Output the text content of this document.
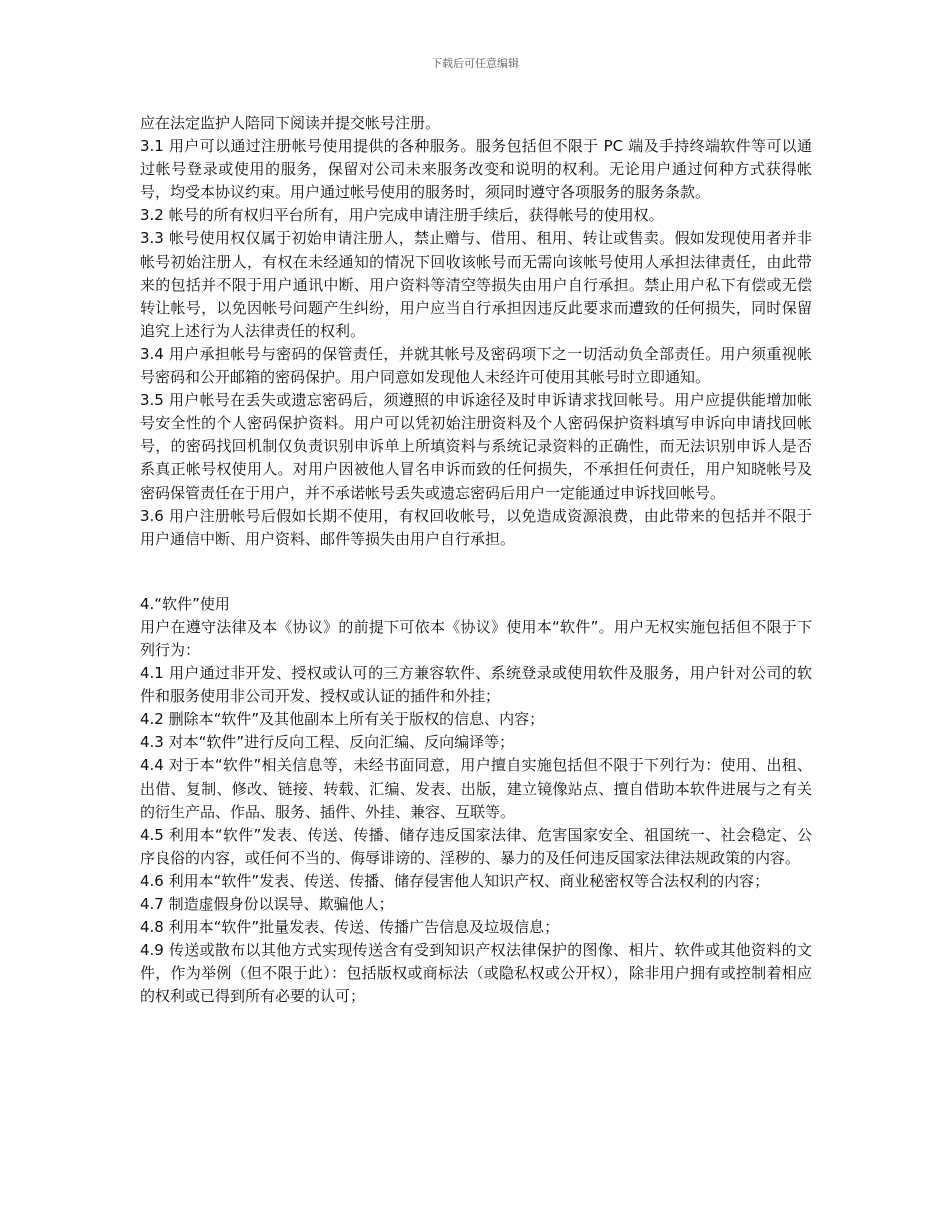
下载后可任意编辑

应在法定监护人陪同下阅读并提交帐号注册。

3.1 用户可以通过注册帐号使用提供的各种服务。服务包括但不限于 PC 端及手持终端软件等可以通过帐号登录或使用的服务，保留对公司未来服务改变和说明的权利。无论用户通过何种方式获得帐号，均受本协议约束。用户通过帐号使用的服务时，须同时遵守各项服务的服务条款。

3.2 帐号的所有权归平台所有，用户完成申请注册手续后，获得帐号的使用权。

3.3 帐号使用权仅属于初始申请注册人，禁止赠与、借用、租用、转让或售卖。假如发现使用者并非帐号初始注册人，有权在未经通知的情况下回收该帐号而无需向该帐号使用人承担法律责任，由此带来的包括并不限于用户通讯中断、用户资料等清空等损失由用户自行承担。禁止用户私下有偿或无偿转让帐号，以免因帐号问题产生纠纷，用户应当自行承担因违反此要求而遭致的任何损失，同时保留追究上述行为人法律责任的权利。

3.4 用户承担帐号与密码的保管责任，并就其帐号及密码项下之一切活动负全部责任。用户须重视帐号密码和公开邮箱的密码保护。用户同意如发现他人未经许可使用其帐号时立即通知。

3.5 用户帐号在丢失或遗忘密码后，须遵照的申诉途径及时申诉请求找回帐号。用户应提供能增加帐号安全性的个人密码保护资料。用户可以凭初始注册资料及个人密码保护资料填写申诉向申请找回帐号，的密码找回机制仅负责识别申诉单上所填资料与系统记录资料的正确性，而无法识别申诉人是否系真正帐号权使用人。对用户因被他人冒名申诉而致的任何损失，不承担任何责任，用户知晓帐号及密码保管责任在于用户，并不承诺帐号丢失或遗忘密码后用户一定能通过申诉找回帐号。

3.6 用户注册帐号后假如长期不使用，有权回收帐号，以免造成资源浪费，由此带来的包括并不限于用户通信中断、用户资料、邮件等损失由用户自行承担。

4.“软件”使用

用户在遵守法律及本《协议》的前提下可依本《协议》使用本“软件”。用户无权实施包括但不限于下列行为：

4.1 用户通过非开发、授权或认可的三方兼容软件、系统登录或使用软件及服务，用户针对公司的软件和服务使用非公司开发、授权或认证的插件和外挂；

4.2 删除本“软件”及其他副本上所有关于版权的信息、内容；

4.3 对本“软件”进行反向工程、反向汇编、反向编译等；

4.4 对于本“软件”相关信息等，未经书面同意，用户擅自实施包括但不限于下列行为：使用、出租、出借、复制、修改、链接、转载、汇编、发表、出版，建立镜像站点、擅自借助本软件进展与之有关的衍生产品、作品、服务、插件、外挂、兼容、互联等。

4.5 利用本“软件”发表、传送、传播、储存违反国家法律、危害国家安全、祖国统一、社会稳定、公序良俗的内容，或任何不当的、侮辱诽谤的、淫秽的、暴力的及任何违反国家法律法规政策的内容。

4.6 利用本“软件”发表、传送、传播、储存侵害他人知识产权、商业秘密权等合法权利的内容；

4.7 制造虚假身份以误导、欺骗他人；

4.8 利用本“软件”批量发表、传送、传播广告信息及垃圾信息；

4.9 传送或散布以其他方式实现传送含有受到知识产权法律保护的图像、相片、软件或其他资料的文件，作为举例（但不限于此）：包括版权或商标法（或隐私权或公开权），除非用户拥有或控制着相应的权利或已得到所有必要的认可；
